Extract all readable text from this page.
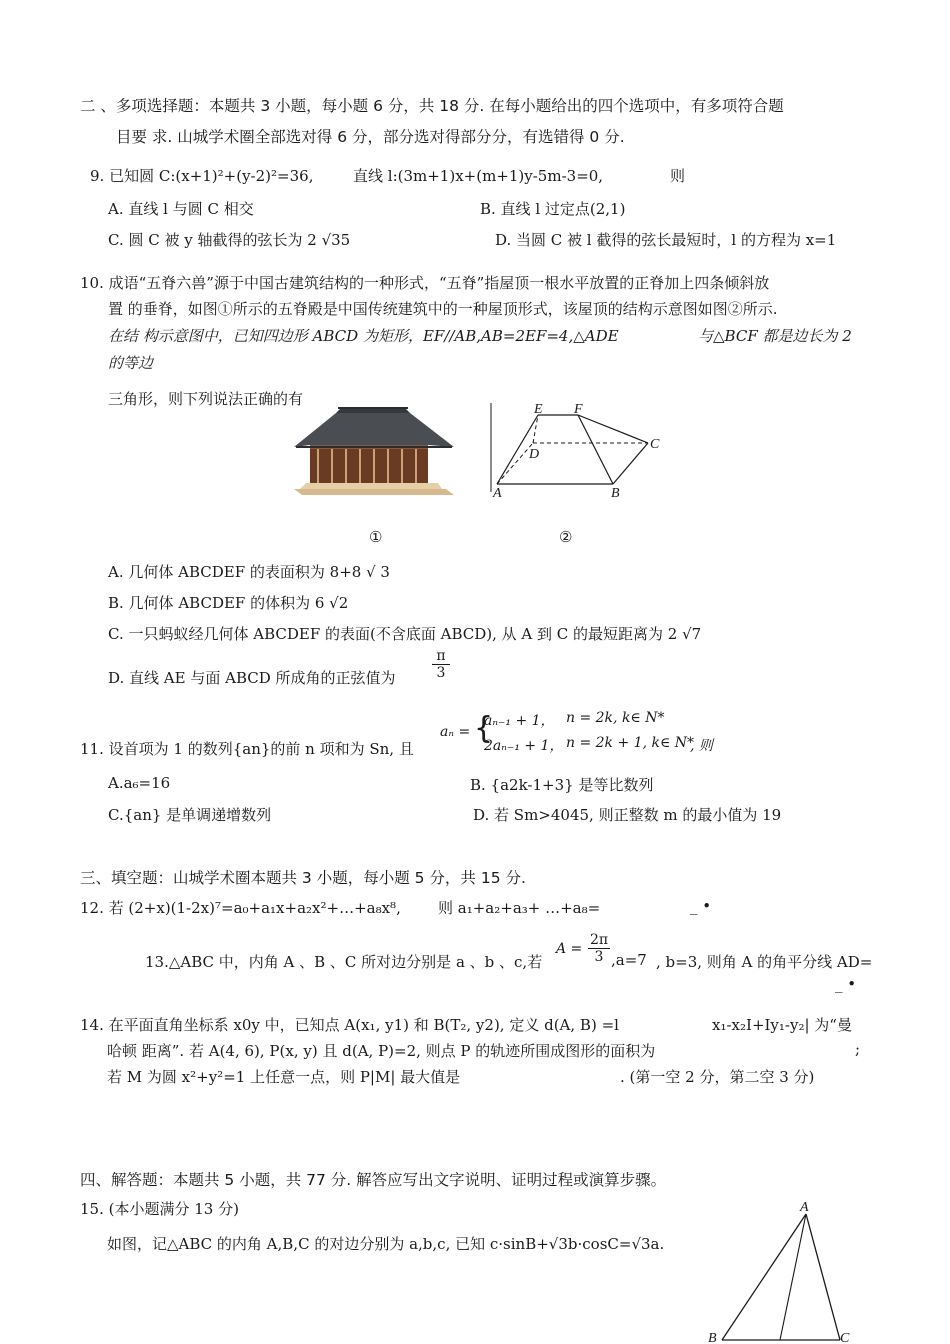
二 、多项选择题：本题共 3 小题，每小题 6 分，共 18 分. 在每小题给出的四个选项中，有多项符合题
目要 求. 山城学术圈全部选对得 6 分，部分选对得部分分，有选错得 0 分.
9. 已知圆 C:(x+1)²+(y-2)²=36,	直线 l:(3m+1)x+(m+1)y-5m-3=0,	则
A. 直线 l 与圆 C 相交	B. 直线 l 过定点(2,1)
C. 圆 C 被 y 轴截得的弦长为 2 √35	D. 当圆 C 被 l 截得的弦长最短时，l 的方程为 x=1
10. 成语“五脊六兽”源于中国古建筑结构的一种形式，“五脊”指屋顶一根水平放置的正脊加上四条倾斜放
置 的垂脊，如图①所示的五脊殿是中国传统建筑中的一种屋顶形式，该屋顶的结构示意图如图②所示.
在结 构示意图中，已知四边形 ABCD 为矩形，EF//AB,AB=2EF=4,△ADE	与△BCF 都是边长为 2
的等边
三角形，则下列说法正确的有
E F
D
C
A	B
①	②
A. 几何体 ABCDEF 的表面积为 8+8 √ 3
B. 几何体 ABCDEF 的体积为 6 √2
C. 一只蚂蚁经几何体 ABCDEF 的表面(不含底面 ABCD), 从 A 到 C 的最短距离为 2 √7
D. 直线 AE 与面 ABCD 所成角的正弦值为	$\frac{\pi}{3}$
11. 设首项为 1 的数列{an}的前 n 项和为 Sn, 且
aₙ = {
aₙ₋₁ + 1， n = 2k, k∈ N*
2aₙ₋₁ + 1， n = 2k + 1, k∈ N*
, 则
A.a₆=16	B. {a2k-1+3} 是等比数列
C.{an} 是单调递增数列	D. 若 Sm>4045, 则正整数 m 的最小值为 19
三、填空题：山城学术圈本题共 3 小题，每小题 5 分，共 15 分.
12. 若 (2+x)(1-2x)⁷=a₀+a₁x+a₂x²+…+a₈x⁸, 则 a₁+a₂+a₃+ …+a₈=	_ •
13.△ABC 中，内角 A 、B 、C 所对边分别是 a 、b 、c,若
$A = \frac{2\pi}{3} ,a=7$ , b=3, 则角 A 的角平分线 AD=
_ •
14. 在平面直角坐标系 x0y 中，已知点 A(x₁, y1) 和 B(T₂, y2), 定义 d(A, B) =l	x₁-x₂I+Iy₁-y₂| 为“曼
哈顿 距离”. 若 A(4, 6), P(x, y) 且 d(A, P)=2, 则点 P 的轨迹所围成图形的面积为	;
若 M 为圆 x²+y²=1 上任意一点，则 P|M| 最大值是	. (第一空 2 分，第二空 3 分)
四、解答题：本题共 5 小题，共 77 分. 解答应写出文字说明、证明过程或演算步骤。
15. (本小题满分 13 分)
如图，记△ABC 的内角 A,B,C 的对边分别为 a,b,c, 已知 c·sinB+√3b·cosC=√3a.
A
B	C
